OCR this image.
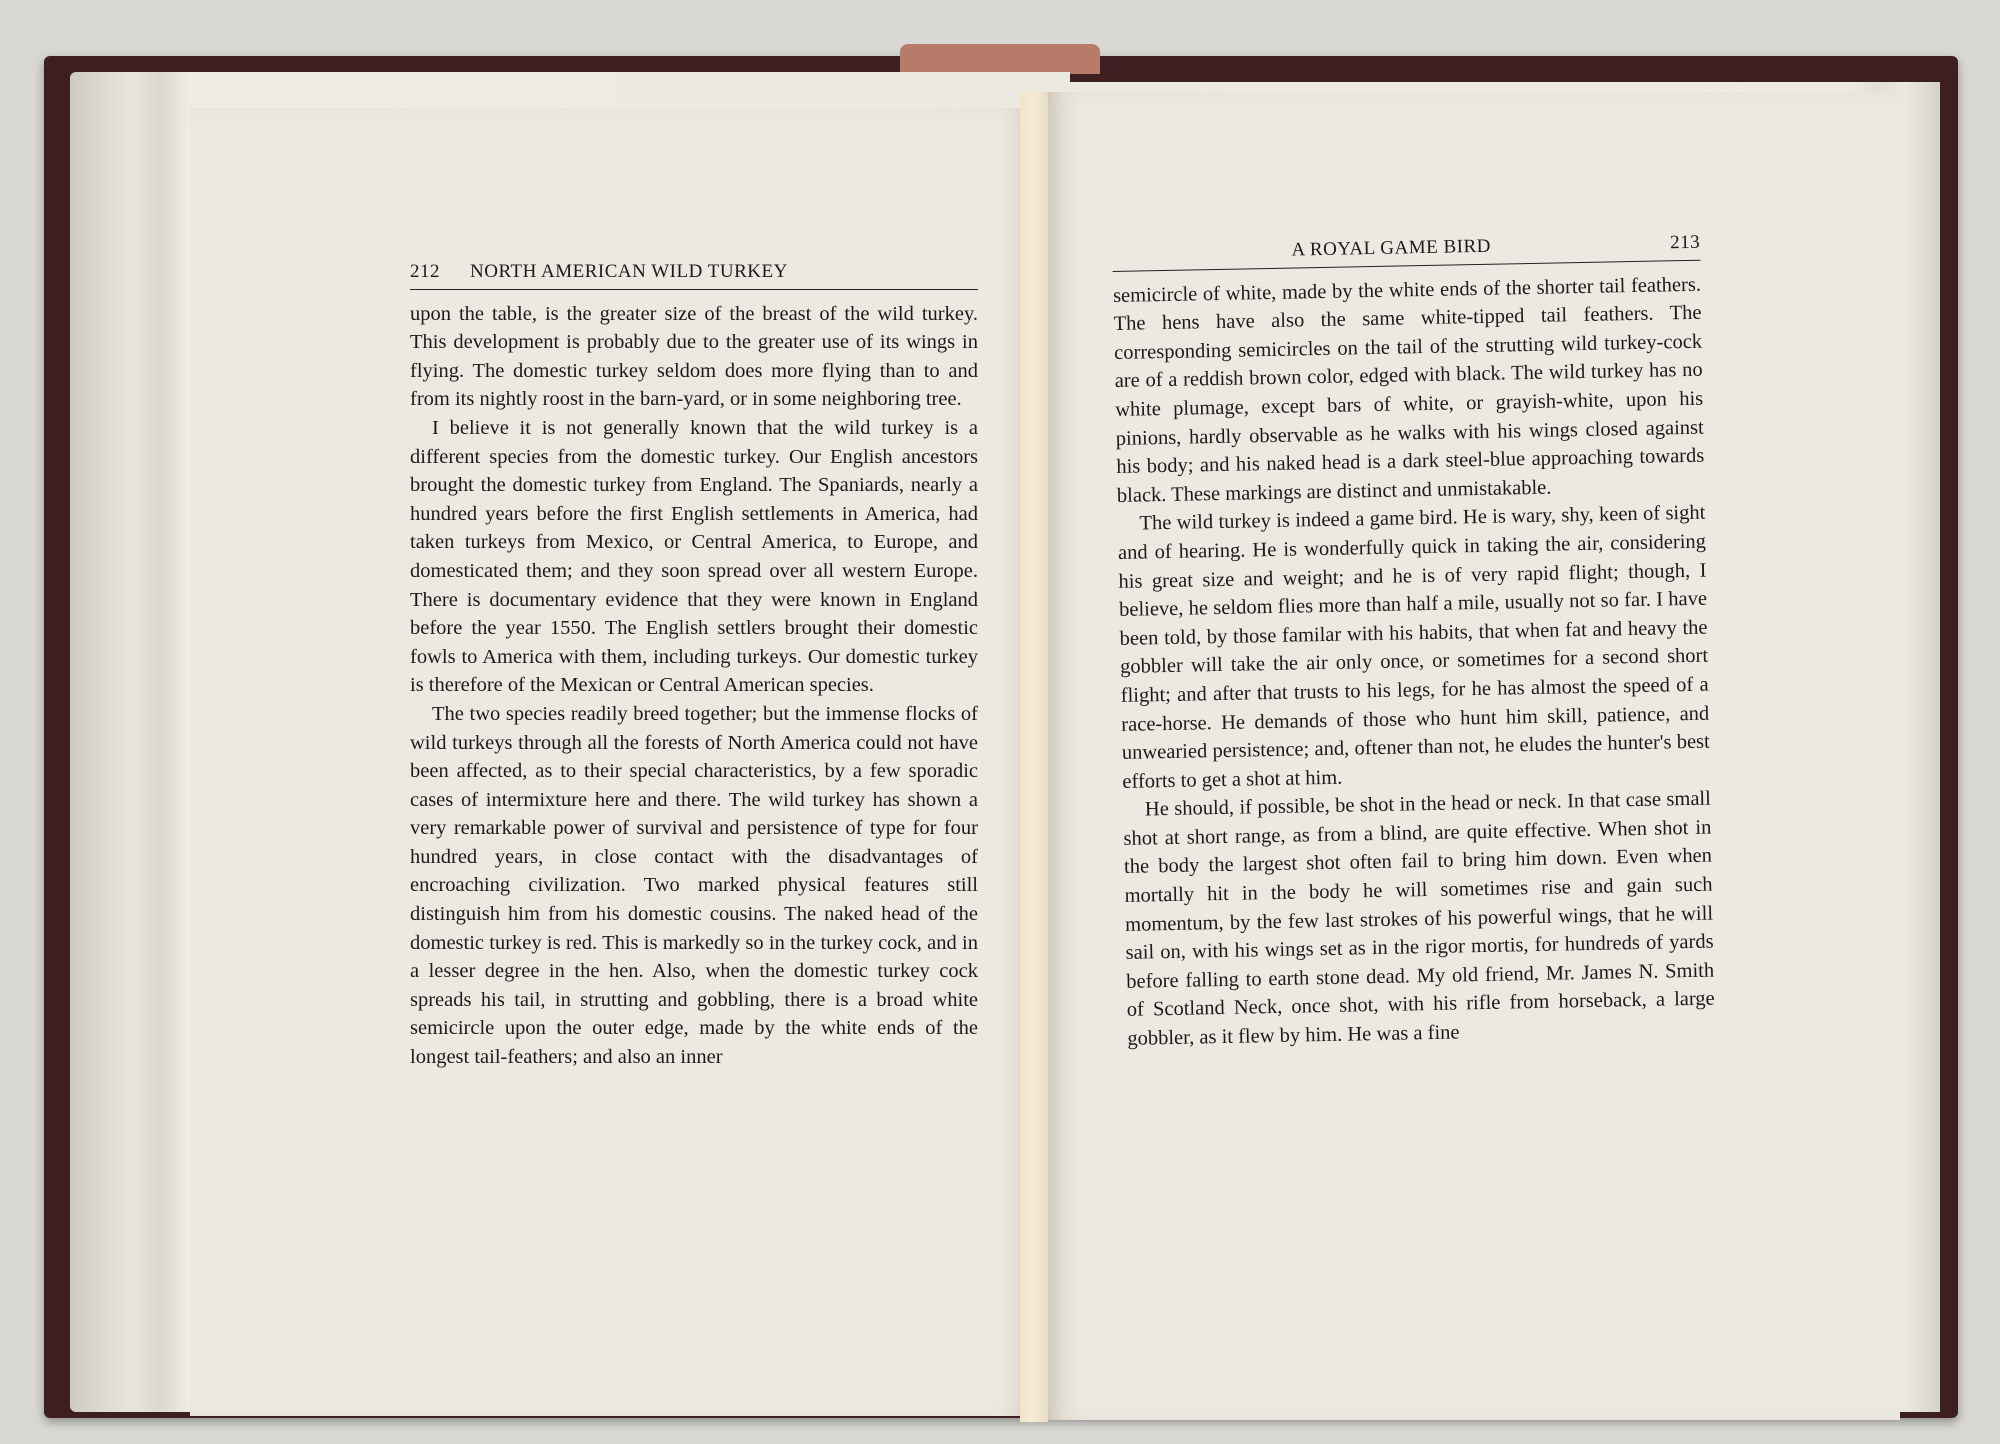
212 NORTH AMERICAN WILD TURKEY

upon the table, is the greater size of the breast of the wild turkey. This development is probably due to the greater use of its wings in flying. The domestic turkey seldom does more flying than to and from its nightly roost in the barn-yard, or in some neighboring tree.

I believe it is not generally known that the wild turkey is a different species from the domestic turkey. Our English ancestors brought the domestic turkey from England. The Spaniards, nearly a hundred years before the first English settlements in America, had taken turkeys from Mexico, or Central America, to Europe, and domesticated them; and they soon spread over all western Europe. There is documentary evidence that they were known in England before the year 1550. The English settlers brought their domestic fowls to America with them, including turkeys. Our domestic turkey is therefore of the Mexican or Central American species.

The two species readily breed together; but the immense flocks of wild turkeys through all the forests of North America could not have been affected, as to their special characteristics, by a few sporadic cases of intermixture here and there. The wild turkey has shown a very remarkable power of survival and persistence of type for four hundred years, in close contact with the disadvantages of encroaching civilization. Two marked physical features still distinguish him from his domestic cousins. The naked head of the domestic turkey is red. This is markedly so in the turkey cock, and in a lesser degree in the hen. Also, when the domestic turkey cock spreads his tail, in strutting and gobbling, there is a broad white semicircle upon the outer edge, made by the white ends of the longest tail-feathers; and also an inner

A ROYAL GAME BIRD	213

semicircle of white, made by the white ends of the shorter tail feathers. The hens have also the same white-tipped tail feathers. The corresponding semicircles on the tail of the strutting wild turkey-cock are of a reddish brown color, edged with black. The wild turkey has no white plumage, except bars of white, or grayish-white, upon his pinions, hardly observable as he walks with his wings closed against his body; and his naked head is a dark steel-blue approaching towards black. These markings are distinct and unmistakable.

The wild turkey is indeed a game bird. He is wary, shy, keen of sight and of hearing. He is wonderfully quick in taking the air, considering his great size and weight; and he is of very rapid flight; though, I believe, he seldom flies more than half a mile, usually not so far. I have been told, by those familar with his habits, that when fat and heavy the gobbler will take the air only once, or sometimes for a second short flight; and after that trusts to his legs, for he has almost the speed of a race-horse. He demands of those who hunt him skill, patience, and unwearied persistence; and, oftener than not, he eludes the hunter's best efforts to get a shot at him.

He should, if possible, be shot in the head or neck. In that case small shot at short range, as from a blind, are quite effective. When shot in the body the largest shot often fail to bring him down. Even when mortally hit in the body he will sometimes rise and gain such momentum, by the few last strokes of his powerful wings, that he will sail on, with his wings set as in the rigor mortis, for hundreds of yards before falling to earth stone dead. My old friend, Mr. James N. Smith of Scotland Neck, once shot, with his rifle from horseback, a large gobbler, as it flew by him. He was a fine
